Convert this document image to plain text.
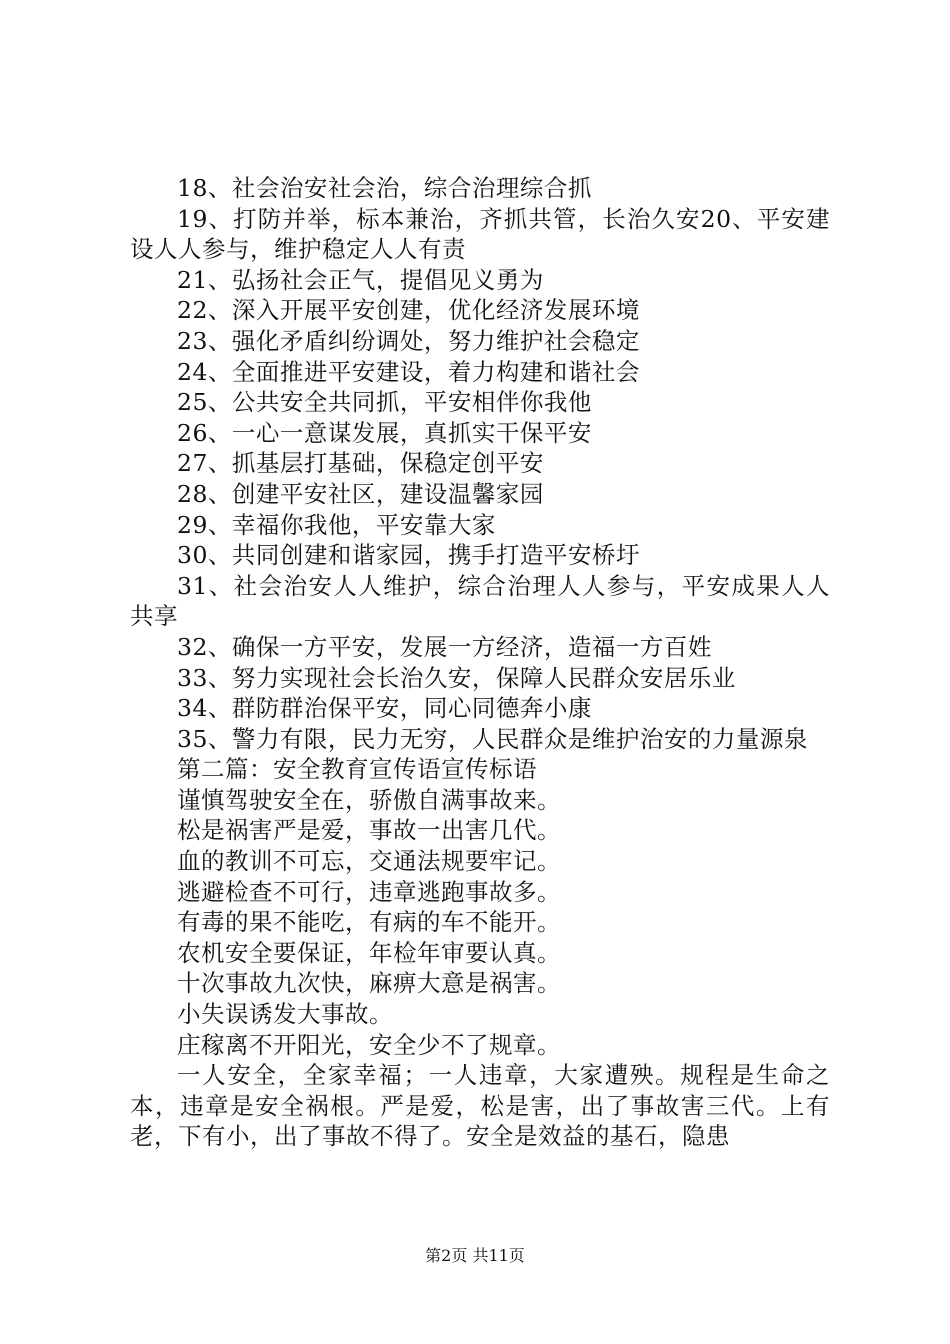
18、社会治安社会治，综合治理综合抓

19、打防并举，标本兼治，齐抓共管，长治久安20、平安建设人人参与，维护稳定人人有责

21、弘扬社会正气，提倡见义勇为

22、深入开展平安创建，优化经济发展环境

23、强化矛盾纠纷调处，努力维护社会稳定

24、全面推进平安建设，着力构建和谐社会

25、公共安全共同抓，平安相伴你我他

26、一心一意谋发展，真抓实干保平安

27、抓基层打基础，保稳定创平安

28、创建平安社区，建设温馨家园

29、幸福你我他，平安靠大家

30、共同创建和谐家园，携手打造平安桥圩

31、社会治安人人维护，综合治理人人参与，平安成果人人共享

32、确保一方平安，发展一方经济，造福一方百姓

33、努力实现社会长治久安，保障人民群众安居乐业

34、群防群治保平安，同心同德奔小康

35、警力有限，民力无穷，人民群众是维护治安的力量源泉

第二篇：安全教育宣传语宣传标语

谨慎驾驶安全在，骄傲自满事故来。

松是祸害严是爱，事故一出害几代。

血的教训不可忘，交通法规要牢记。

逃避检查不可行，违章逃跑事故多。

有毒的果不能吃，有病的车不能开。

农机安全要保证，年检年审要认真。

十次事故九次快，麻痹大意是祸害。

小失误诱发大事故。

庄稼离不开阳光，安全少不了规章。

一人安全，全家幸福；一人违章，大家遭殃。规程是生命之本，违章是安全祸根。严是爱，松是害，出了事故害三代。上有老，下有小，出了事故不得了。安全是效益的基石，隐患

第2页 共11页
